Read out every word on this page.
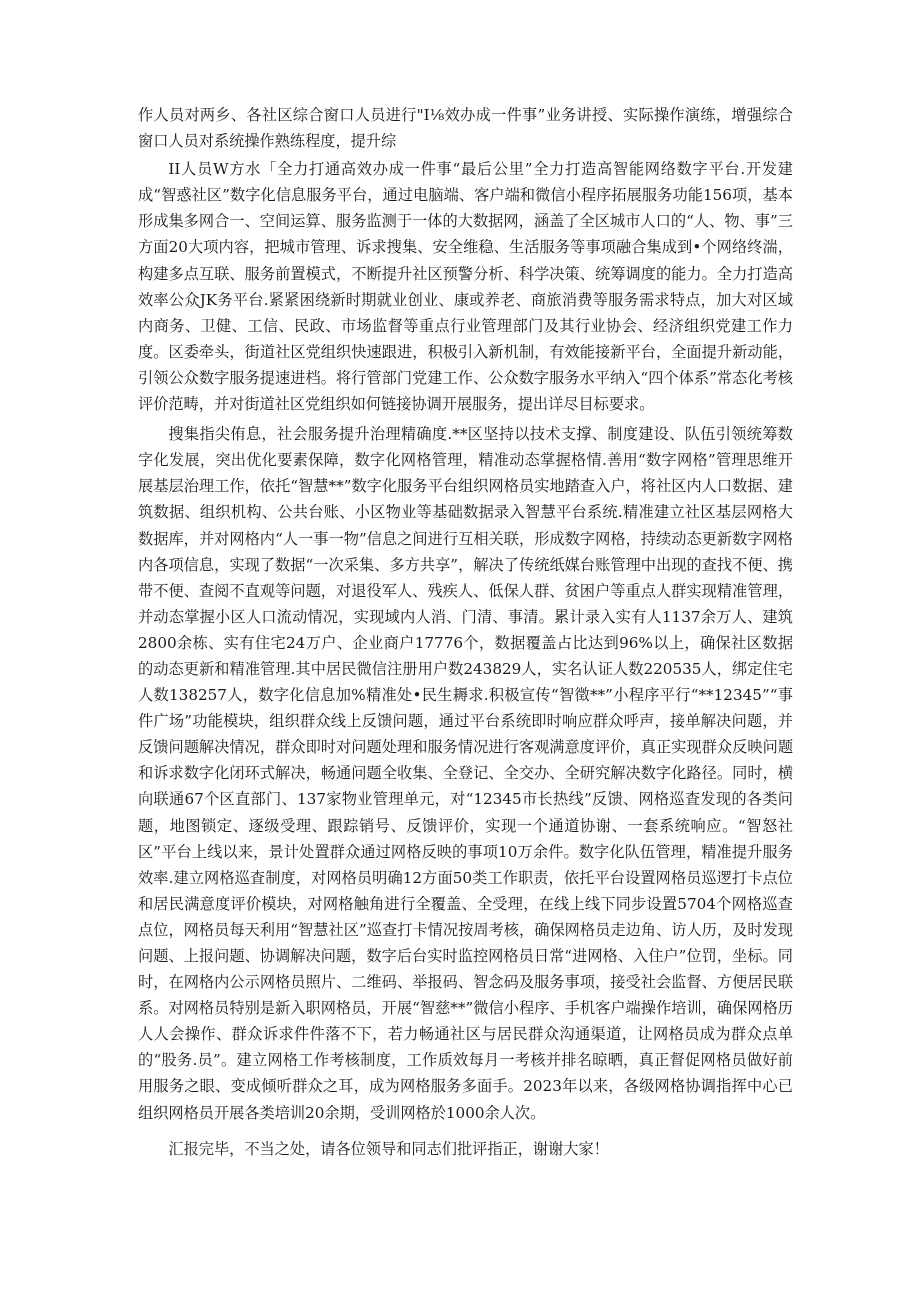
作人员对两乡、各社区综合窗口人员进行"I⅛效办成一件事”业务讲授、实际操作演练，增强综合窗口人员对系统操作熟练程度，提升综

II人员W方水「全力打通高效办成一件事“最后公里”全力打造高智能网络数字平台.开发建成“智惑社区”数字化信息服务平台，通过电脑端、客户端和微信小程序拓展服务功能156项，基本形成集多网合一、空间运算、服务监测于一体的大数据网，涵盖了全区城市人口的“人、物、事”三方面20大项内容，把城市管理、诉求搜集、安全维稳、生活服务等事项融合集成到•个网络终湍，构建多点互联、服务前置模式，不断提升社区预警分析、科学决策、统筹调度的能力。全力打造高效率公众JK务平台.紧紧困绕新时期就业创业、康或养老、商旅消费等服务需求特点，加大对区域内商务、卫健、工信、民政、市场监督等重点行业管理部门及其行业协会、经济组织党建工作力度。区委牵头，街道社区党组织快速跟进，积极引入新机制，有效能接新平台，全面提升新动能，引领公众数字服务提速进档。将行管部门党建工作、公众数字服务水平纳入“四个体系”常态化考核评价范畴，并对街道社区党组织如何链接协调开展服务，提出详尽目标要求。

搜集指尖侑息，社会服务提升治理精确度.**区坚持以技术支撑、制度建设、队伍引领统筹数字化发展，突出优化要素保障，数字化网格管理，精准动态掌握格情.善用“数字网格”管理思维开展基层治理工作，依托“智慧**”数字化服务平台组织网格员实地踏查入户，将社区内人口数据、建筑数据、组织机构、公共台账、小区物业等基础数据录入智慧平台系统.精准建立社区基层网格大数据库，并对网格内“人一事一物”信息之间进行互相关联，形成数字网格，持续动态更新数字网格内各项信息，实现了数据“一次采集、多方共享”，解决了传统纸媒台账管理中出现的查找不便、携带不便、查阅不直观等问题，对退役军人、残疾人、低保人群、贫困户等重点人群实现精准管理，并动态掌握小区人口流动情况，实现域内人消、门清、事清。累计录入实有人1137余万人、建筑2800余栋、实有住宅24万户、企业商户17776个，数据覆盖占比达到96%以上，确保社区数据的动态更新和精准管理.其中居民微信注册用户数243829人，实名认证人数220535人，绑定住宅人数138257人，数字化信息加%精准处•民生耨求.积极宣传“智徵**”小程序平行“**12345”“事件广场”功能模块，组织群众线上反馈问题，通过平台系统即时响应群众呼声，接单解决问题，并反馈问题解决情况，群众即时对问题处理和服务情况进行客观满意度评价，真正实现群众反映问题和诉求数字化闭环式解决，畅通问题全收集、全登记、全交办、全研究解决数字化路径。同时，横向联通67个区直部门、137家物业管理单元，对“12345市长热线”反馈、网格巡査发现的各类问题，地图锁定、逐级受理、跟踪销号、反馈评价，实现一个通道协谢、一套系统响应。“智怒社区”平台上线以来，景计处置群众通过网格反映的事项10万余件。数字化队伍管理，精准提升服务效率.建立网格巡査制度，对网格员明确12方面50类工作职责，依托平台设置网格员巡逻打卡点位和居民满意度评价模块，对网格触角进行全覆盖、全受理，在线上线下同步设置5704个网格巡查点位，网格员每天利用“智慧社区”巡查打卡情况按周考核，确保网格员走边角、访人历，及时发现问题、上报问题、协调解决问题，数字后台实时监控网格员日常“进网格、入住户”位罚，坐标。同时，在网格内公示网格员照片、二维码、举报码、智念码及服务事项，接受社会监督、方便居民联系。对网格员特别是新入职网格员，开展“智慈**”微信小程序、手机客户端操作培训，确保网格历人人会操作、群众诉求件件落不下，若力畅通社区与居民群众沟通渠道，让网格员成为群众点单的“股务.员”。建立网格工作考核制度，工作质效每月一考核并排名晾晒，真正督促网格员做好前用服务之眼、变成倾听群众之耳，成为网格服务多面手。2023年以来，各级网格协调指挥中心已组织网格员开展各类培训20余期，受训网格於1000余人次。

汇报完毕，不当之处，请各位领导和同志们批评指正，谢谢大家！
